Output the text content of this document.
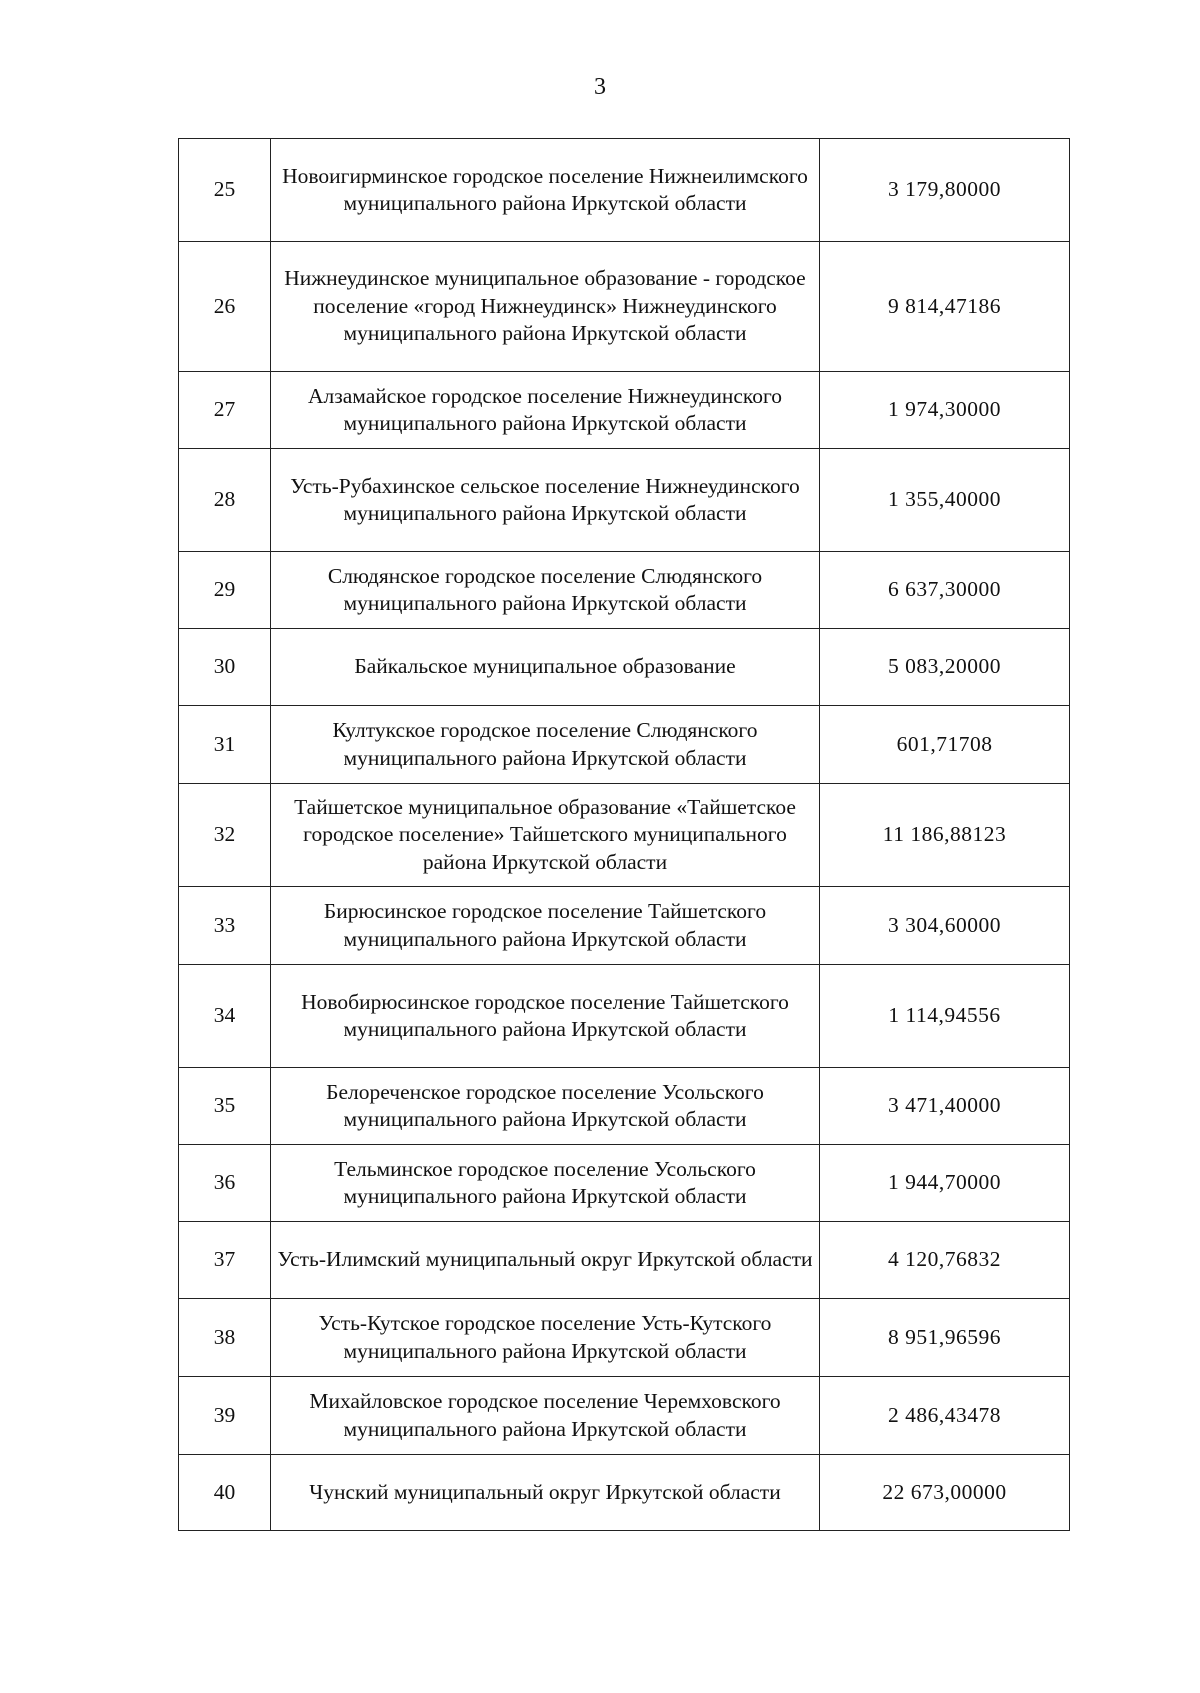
3
25	Новоигирминское городское поселение Нижнеилимского муниципального района Иркутской области	3 179,80000
26	Нижнеудинское муниципальное образование - городское поселение «город Нижнеудинск» Нижнеудинского муниципального района Иркутской области	9 814,47186
27	Алзамайское городское поселение Нижнеудинского муниципального района Иркутской области	1 974,30000
28	Усть-Рубахинское сельское поселение Нижнеудинского муниципального района Иркутской области	1 355,40000
29	Слюдянское городское поселение Слюдянского муниципального района Иркутской области	6 637,30000
30	Байкальское муниципальное образование	5 083,20000
31	Култукское городское поселение Слюдянского муниципального района Иркутской области	601,71708
32	Тайшетское муниципальное образование «Тайшетское городское поселение» Тайшетского муниципального района Иркутской области	11 186,88123
33	Бирюсинское городское поселение Тайшетского муниципального района Иркутской области	3 304,60000
34	Новобирюсинское городское поселение Тайшетского муниципального района Иркутской области	1 114,94556
35	Белореченское городское поселение Усольского муниципального района Иркутской области	3 471,40000
36	Тельминское городское поселение Усольского муниципального района Иркутской области	1 944,70000
37	Усть-Илимский муниципальный округ Иркутской области	4 120,76832
38	Усть-Кутское городское поселение Усть-Кутского муниципального района Иркутской области	8 951,96596
39	Михайловское городское поселение Черемховского муниципального района Иркутской области	2 486,43478
40	Чунский муниципальный округ Иркутской области	22 673,00000
